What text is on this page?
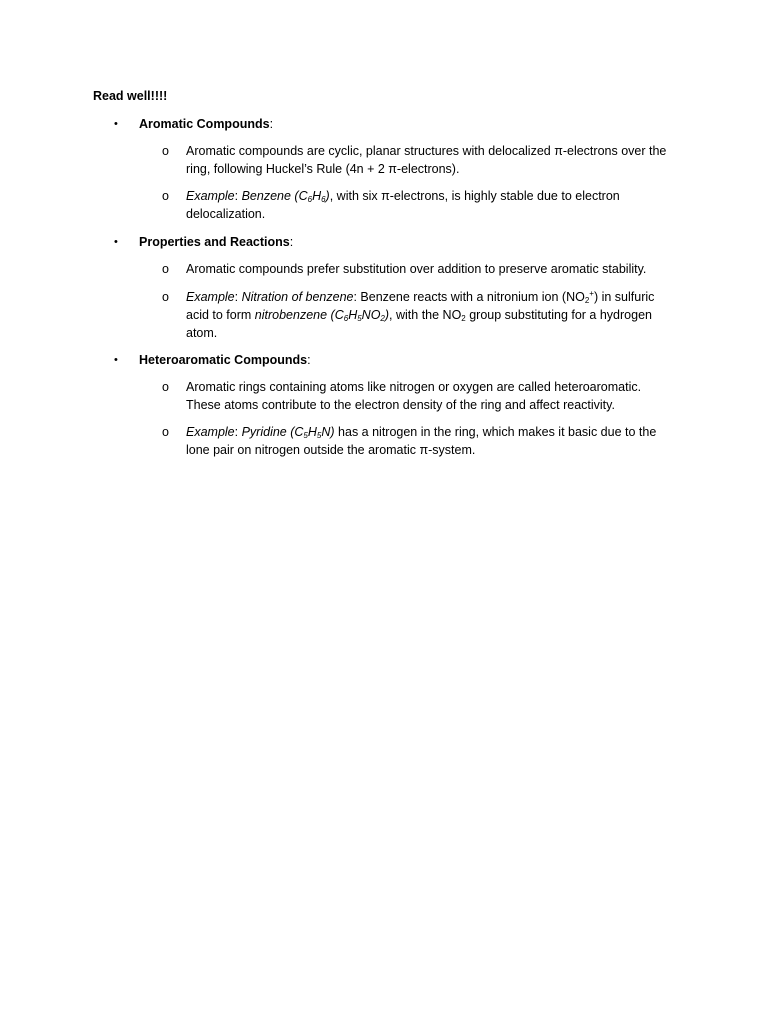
Read well!!!!

•	Aromatic Compounds:
o	Aromatic compounds are cyclic, planar structures with delocalized π-electrons over the ring, following Huckel’s Rule (4n + 2 π-electrons).
o	Example: Benzene $(C_6H_6)$, with six π-electrons, is highly stable due to electron delocalization.
•	Properties and Reactions:
o	Aromatic compounds prefer substitution over addition to preserve aromatic stability.
o	Example: Nitration of benzene: Benzene reacts with a nitronium ion $(NO_2^+)$ in sulfuric acid to form nitrobenzene $(C_6H_5NO_2)$, with the $NO_2$ group substituting for a hydrogen atom.
•	Heteroaromatic Compounds:
o	Aromatic rings containing atoms like nitrogen or oxygen are called heteroaromatic. These atoms contribute to the electron density of the ring and affect reactivity.
o	Example: Pyridine $(C_5H_5N)$ has a nitrogen in the ring, which makes it basic due to the lone pair on nitrogen outside the aromatic π-system.
